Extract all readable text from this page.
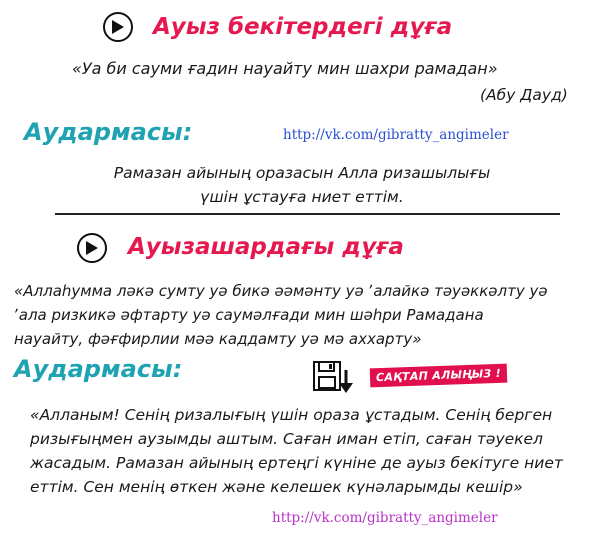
Ауыз бекітердегі дұға
«Уа би сауми ғадин науайту мин шахри рамадан»
(Абу Дауд)
Аудармасы:	http://vk.com/gibratty_angimeler
Рамазан айының оразасын Алла ризашылығы
үшін ұстауға ниет еттім.
Ауызашардағы дұға
«Аллаһумма ләкә сумту уә бикә әәмәнту уә ʼалайкә тәуәккәлту уә
ʼала ризкикә әфтарту уә саумәлғади мин шәһри Рамадана
науайту, фәғфирлии мәә каддамту уә мә аххарту»
Аудармасы:	САҚТАП АЛЫҢЫЗ !
«Алланым! Сенің ризалығың үшін ораза ұстадым. Сенің берген
ризығыңмен аузымды аштым. Саған иман етіп, саған тәуекел
жасадым. Рамазан айының ертеңгі күніне де ауыз бекітуге ниет
еттім. Сен менің өткен және келешек күнәларымды кешір»
http://vk.com/gibratty_angimeler
